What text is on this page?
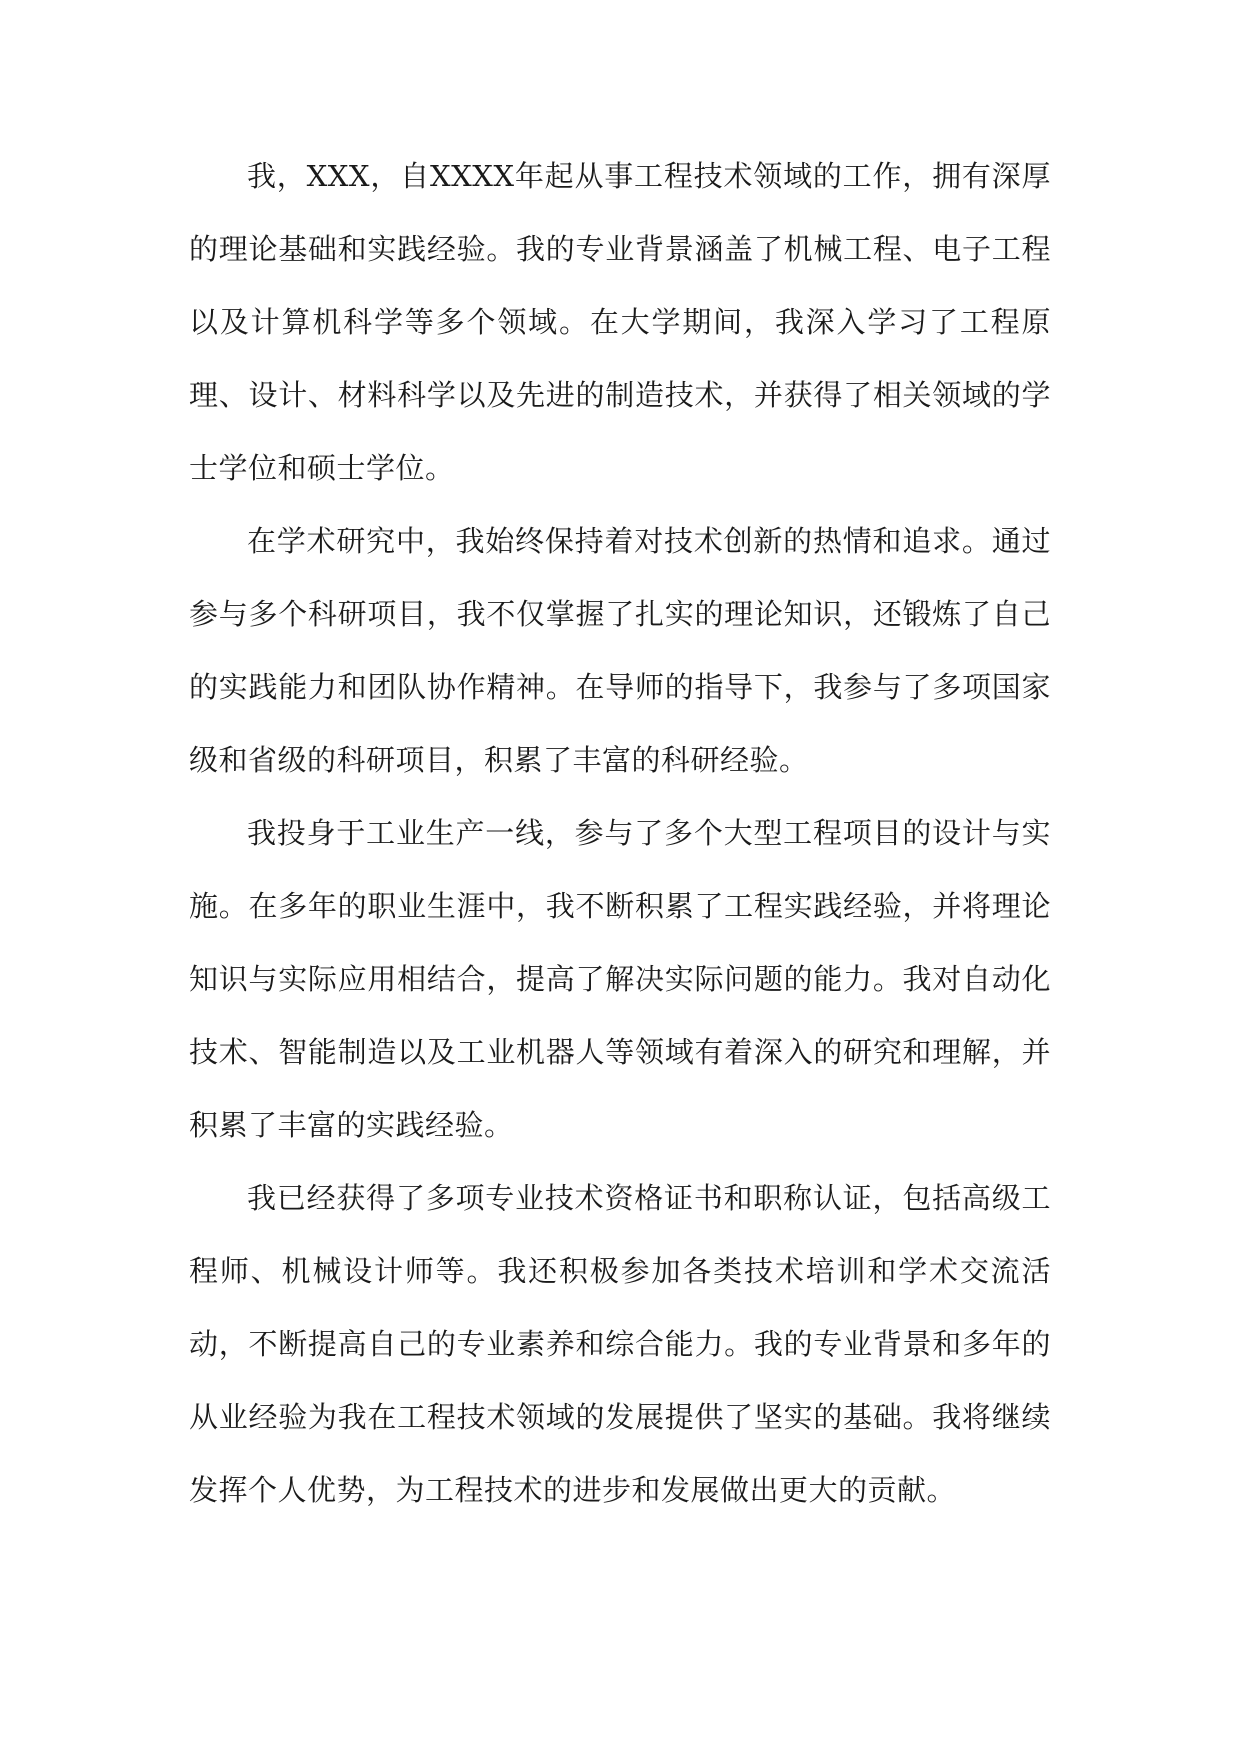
我，XXX，自XXXX年起从事工程技术领域的工作，拥有深厚的理论基础和实践经验。我的专业背景涵盖了机械工程、电子工程以及计算机科学等多个领域。在大学期间，我深入学习了工程原理、设计、材料科学以及先进的制造技术，并获得了相关领域的学士学位和硕士学位。

在学术研究中，我始终保持着对技术创新的热情和追求。通过参与多个科研项目，我不仅掌握了扎实的理论知识，还锻炼了自己的实践能力和团队协作精神。在导师的指导下，我参与了多项国家级和省级的科研项目，积累了丰富的科研经验。

我投身于工业生产一线，参与了多个大型工程项目的设计与实施。在多年的职业生涯中，我不断积累了工程实践经验，并将理论知识与实际应用相结合，提高了解决实际问题的能力。我对自动化技术、智能制造以及工业机器人等领域有着深入的研究和理解，并积累了丰富的实践经验。

我已经获得了多项专业技术资格证书和职称认证，包括高级工程师、机械设计师等。我还积极参加各类技术培训和学术交流活动，不断提高自己的专业素养和综合能力。我的专业背景和多年的从业经验为我在工程技术领域的发展提供了坚实的基础。我将继续发挥个人优势，为工程技术的进步和发展做出更大的贡献。
